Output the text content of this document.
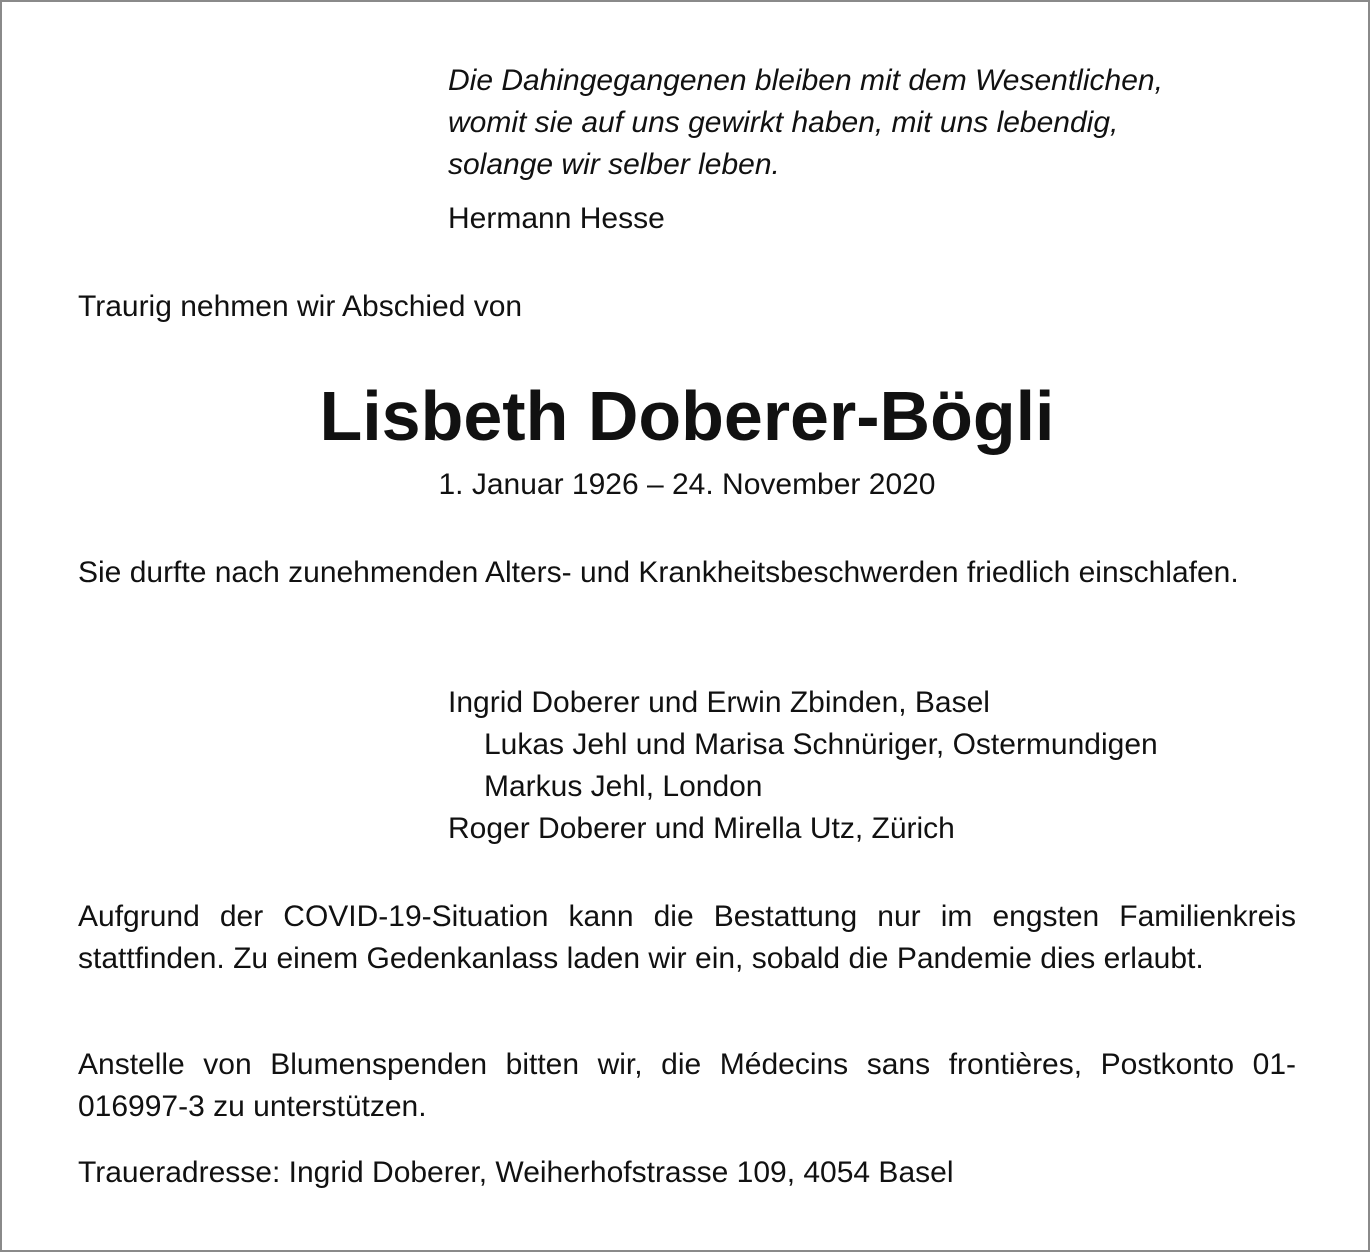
Die Dahingegangenen bleiben mit dem Wesentlichen,
womit sie auf uns gewirkt haben, mit uns lebendig,
solange wir selber leben.
Hermann Hesse
Traurig nehmen wir Abschied von
Lisbeth Doberer-Bögli
1. Januar 1926 – 24. November 2020
Sie durfte nach zunehmenden Alters- und Krankheitsbeschwerden friedlich einschlafen.
Ingrid Doberer und Erwin Zbinden, Basel
Lukas Jehl und Marisa Schnüriger, Ostermundigen
Markus Jehl, London
Roger Doberer und Mirella Utz, Zürich
Aufgrund der COVID-19-Situation kann die Bestattung nur im engsten Familienkreis stattfinden. Zu einem Gedenkanlass laden wir ein, sobald die Pandemie dies erlaubt.
Anstelle von Blumenspenden bitten wir, die Médecins sans frontières, Postkonto 01-016997-3 zu unterstützen.
Traueradresse: Ingrid Doberer, Weiherhofstrasse 109, 4054 Basel
